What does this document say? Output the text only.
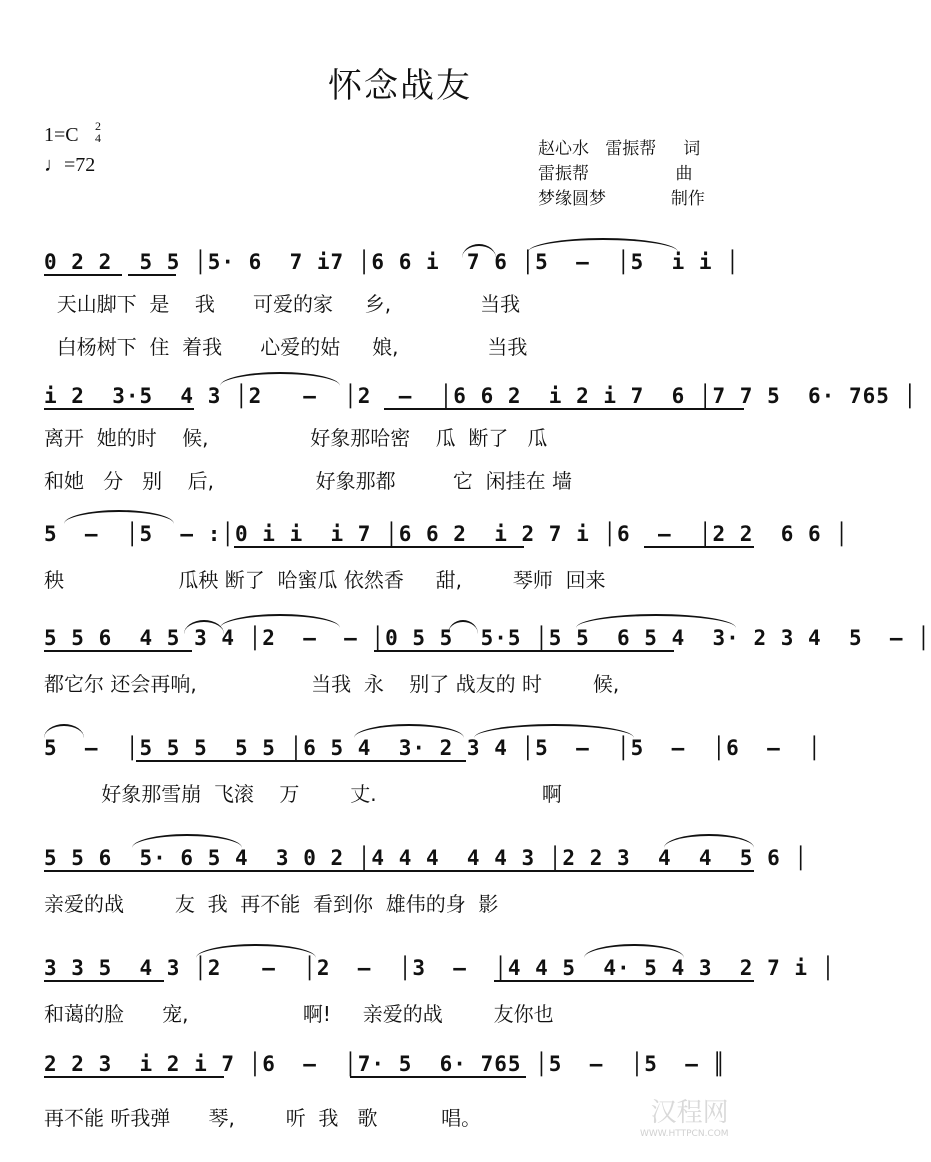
怀念战友
1=C 2
4
♩=72
赵心水   雷振帮     词
雷振帮                曲
梦缘圆梦            制作
0 2 2  5 5 │5· 6  7 i7 │6 6 i  7 6 │5  –  │5  i i │
天山脚下  是    我      可爱的家     乡,              当我
白杨树下  住  着我      心爱的姑     娘,              当我
i 2  3·5  4 3 │2   –  │2  –  │6 6 2  i 2 i 7  6 │7 7 5  6· 765 │
离开  她的时    候,                好象那哈密    瓜  断了   瓜
和她   分   别    后,                好象那都         它  闲挂在 墙
5  –  │5  – :│0 i i  i 7 │6 6 2  i 2 7 i │6  –  │2 2  6 6 │
秧                  瓜秧 断了  哈蜜瓜 依然香     甜,        琴师  回来
5 5 6  4 5 3 4 │2  –  – │0 5 5  5·5 │5 5  6 5 4  3· 2 3 4  5  – │
都它尔 还会再响,                  当我  永    别了 战友的 时        候,
5  –  │5 5 5  5 5 │6 5 4  3· 2 3 4 │5  –  │5  –  │6  –  │
好象那雪崩  飞滚    万        丈.                          啊
5 5 6  5· 6 5 4  3 0 2 │4 4 4  4 4 3 │2 2 3  4  4  5 6 │
亲爱的战        友  我  再不能  看到你  雄伟的身  影
3 3 5  4 3 │2   –  │2  –  │3  –  │4 4 5  4· 5 4 3  2 7 i │
和蔼的脸      宠,                  啊!     亲爱的战        友你也
2 2 3  i 2 i 7 │6  –  │7· 5  6· 765 │5  –  │5  – ║
再不能 听我弹      琴,        听  我   歌          唱。	汉程网
WWW.HTTPCN.COM
